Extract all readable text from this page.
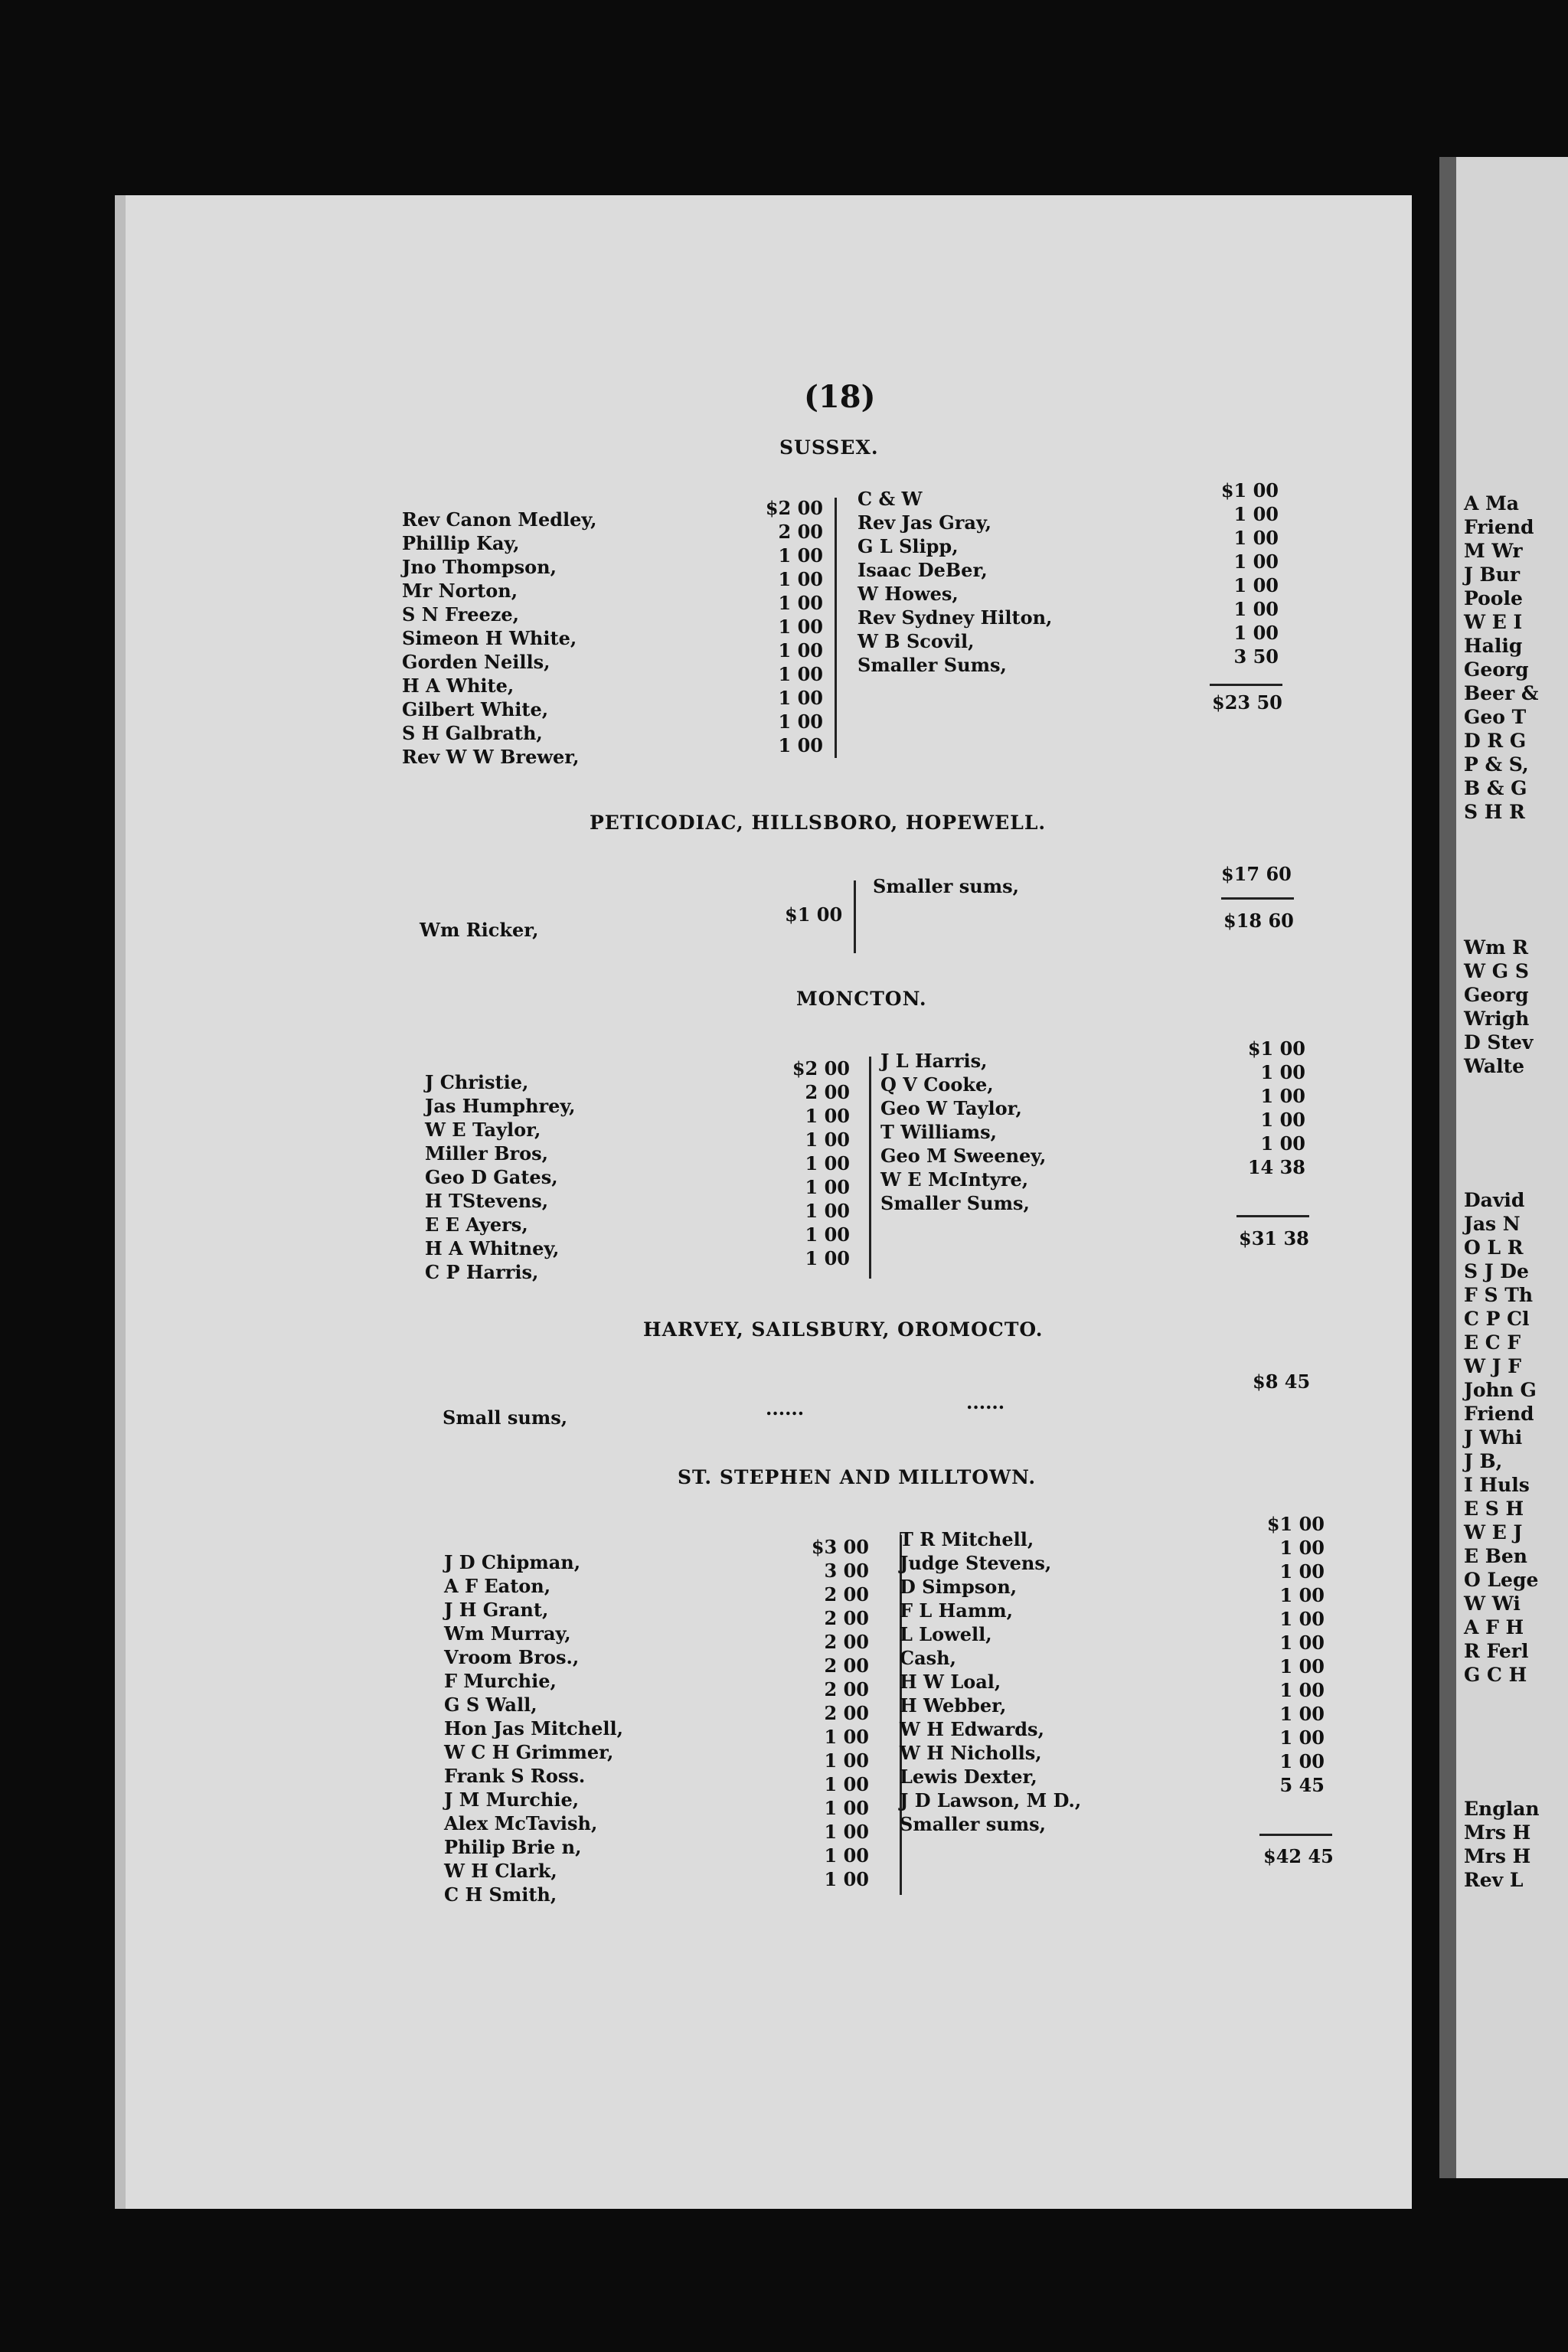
A Ma
Friend
M Wr
J Bur
Poole
W E I
Halig
Georg
Beer &
Geo T
D R G
P & S,
B & G
S H R
Wm R
W G S
Georg
Wrigh
D Stev
Walte
David
Jas N
O L R
S J De
F S Th
C P Cl
E C F
W J F
John G
Friend
J Whi
J B,
I Huls
E S H
W E J
E Ben
O Lege
W Wi
A F H
R Ferl
G C H
Englan
Mrs H
Mrs H
Rev L
(18)
SUSSEX.
Rev Canon Medley,
Phillip Kay,
Jno Thompson,
Mr Norton,
S N Freeze,
Simeon H White,
Gorden Neills,
H A White,
Gilbert White,
S H Galbrath,
Rev W W Brewer,
$2 00
2 00
1 00
1 00
1 00
1 00
1 00
1 00
1 00
1 00
1 00
C & W
Rev Jas Gray,
G L Slipp,
Isaac DeBer,
W Howes,
Rev Sydney Hilton,
W B Scovil,
Smaller Sums,
$1 00
1 00
1 00
1 00
1 00
1 00
1 00
3 50
$23 50
PETICODIAC, HILLSBORO, HOPEWELL.
Wm Ricker,
$1 00
Smaller sums,
$17 60
$18 60
MONCTON.
J Christie,
Jas Humphrey,
W E Taylor,
Miller Bros,
Geo D Gates,
H TStevens,
E E Ayers,
H A Whitney,
C P Harris,
$2 00
2 00
1 00
1 00
1 00
1 00
1 00
1 00
1 00
J L Harris,
Q V Cooke,
Geo W Taylor,
T Williams,
Geo M Sweeney,
W E McIntyre,
Smaller Sums,
$1 00
1 00
1 00
1 00
1 00
14 38
$31 38
HARVEY, SAILSBURY, OROMOCTO.
Small sums,	......	......
$8 45
ST. STEPHEN AND MILLTOWN.
J D Chipman,
A F Eaton,
J H Grant,
Wm Murray,
Vroom Bros.,
F Murchie,
G S Wall,
Hon Jas Mitchell,
W C H Grimmer,
Frank S Ross.
J M Murchie,
Alex McTavish,
Philip Brie n,
W H Clark,
C H Smith,
$3 00
3 00
2 00
2 00
2 00
2 00
2 00
2 00
1 00
1 00
1 00
1 00
1 00
1 00
1 00
T R Mitchell,
Judge Stevens,
D Simpson,
F L Hamm,
L Lowell,
Cash,
H W Loal,
H Webber,
W H Edwards,
W H Nicholls,
Lewis Dexter,
J D Lawson, M D.,
Smaller sums,
$1 00
1 00
1 00
1 00
1 00
1 00
1 00
1 00
1 00
1 00
1 00
5 45
$42 45
